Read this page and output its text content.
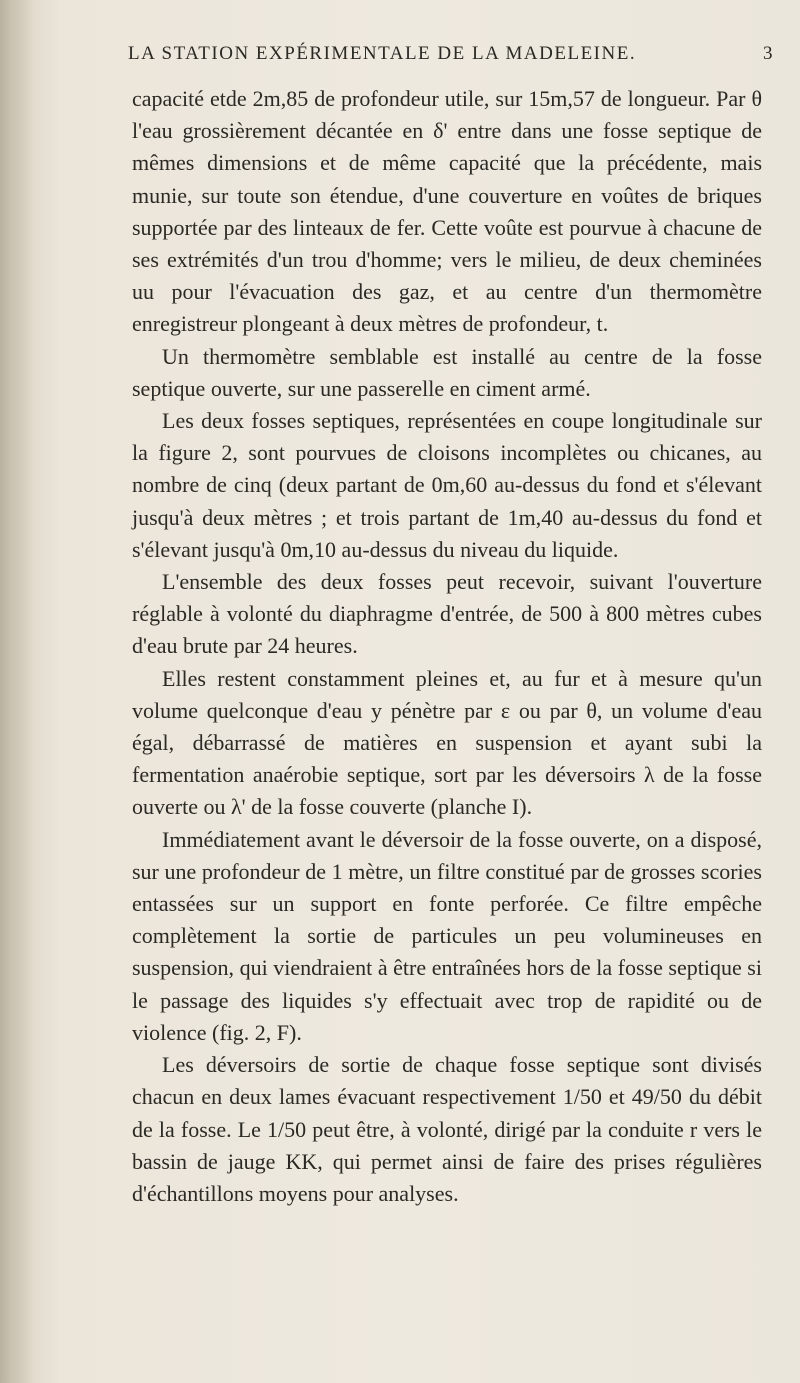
LA STATION EXPÉRIMENTALE DE LA MADELEINE.	3

capacité etde 2m,85 de profondeur utile, sur 15m,57 de longueur. Par θ l'eau grossièrement décantée en δ' entre dans une fosse septique de mêmes dimensions et de même capacité que la précédente, mais munie, sur toute son étendue, d'une couverture en voûtes de briques supportée par des linteaux de fer. Cette voûte est pourvue à chacune de ses extrémités d'un trou d'homme; vers le milieu, de deux cheminées uu pour l'évacuation des gaz, et au centre d'un thermomètre enregistreur plongeant à deux mètres de profondeur, t.

Un thermomètre semblable est installé au centre de la fosse septique ouverte, sur une passerelle en ciment armé.

Les deux fosses septiques, représentées en coupe longitudinale sur la figure 2, sont pourvues de cloisons incomplètes ou chicanes, au nombre de cinq (deux partant de 0m,60 au-dessus du fond et s'élevant jusqu'à deux mètres ; et trois partant de 1m,40 au-dessus du fond et s'élevant jusqu'à 0m,10 au-dessus du niveau du liquide.

L'ensemble des deux fosses peut recevoir, suivant l'ouverture réglable à volonté du diaphragme d'entrée, de 500 à 800 mètres cubes d'eau brute par 24 heures.

Elles restent constamment pleines et, au fur et à mesure qu'un volume quelconque d'eau y pénètre par ε ou par θ, un volume d'eau égal, débarrassé de matières en suspension et ayant subi la fermentation anaérobie septique, sort par les déversoirs λ de la fosse ouverte ou λ' de la fosse couverte (planche I).

Immédiatement avant le déversoir de la fosse ouverte, on a disposé, sur une profondeur de 1 mètre, un filtre constitué par de grosses scories entassées sur un support en fonte perforée. Ce filtre empêche complètement la sortie de particules un peu volumineuses en suspension, qui viendraient à être entraînées hors de la fosse septique si le passage des liquides s'y effectuait avec trop de rapidité ou de violence (fig. 2, F).

Les déversoirs de sortie de chaque fosse septique sont divisés chacun en deux lames évacuant respectivement 1/50 et 49/50 du débit de la fosse. Le 1/50 peut être, à volonté, dirigé par la conduite r vers le bassin de jauge KK, qui permet ainsi de faire des prises régulières d'échantillons moyens pour analyses.
